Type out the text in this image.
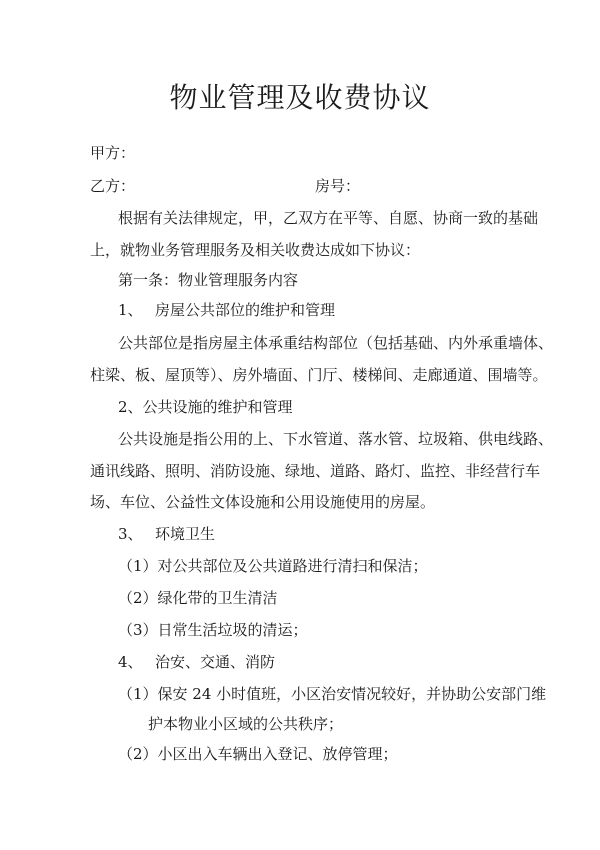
物业管理及收费协议
甲方：
乙方：	房号：
根据有关法律规定，甲，乙双方在平等、自愿、协商一致的基础
上，就物业务管理服务及相关收费达成如下协议：
第一条：物业管理服务内容
1、 房屋公共部位的维护和管理
公共部位是指房屋主体承重结构部位（包括基础、内外承重墙体、
柱梁、板、屋顶等）、房外墙面、门厅、楼梯间、走廊通道、围墙等。
2、公共设施的维护和管理
公共设施是指公用的上、下水管道、落水管、垃圾箱、供电线路、
通讯线路、照明、消防设施、绿地、道路、路灯、监控、非经营行车
场、车位、公益性文体设施和公用设施使用的房屋。
3、 环境卫生
（1）对公共部位及公共道路进行清扫和保洁；
（2）绿化带的卫生清洁
（3）日常生活垃圾的清运；
4、 治安、交通、消防
（1）保安 24 小时值班，小区治安情况较好，并协助公安部门维
护本物业小区域的公共秩序；
（2）小区出入车辆出入登记、放停管理；
